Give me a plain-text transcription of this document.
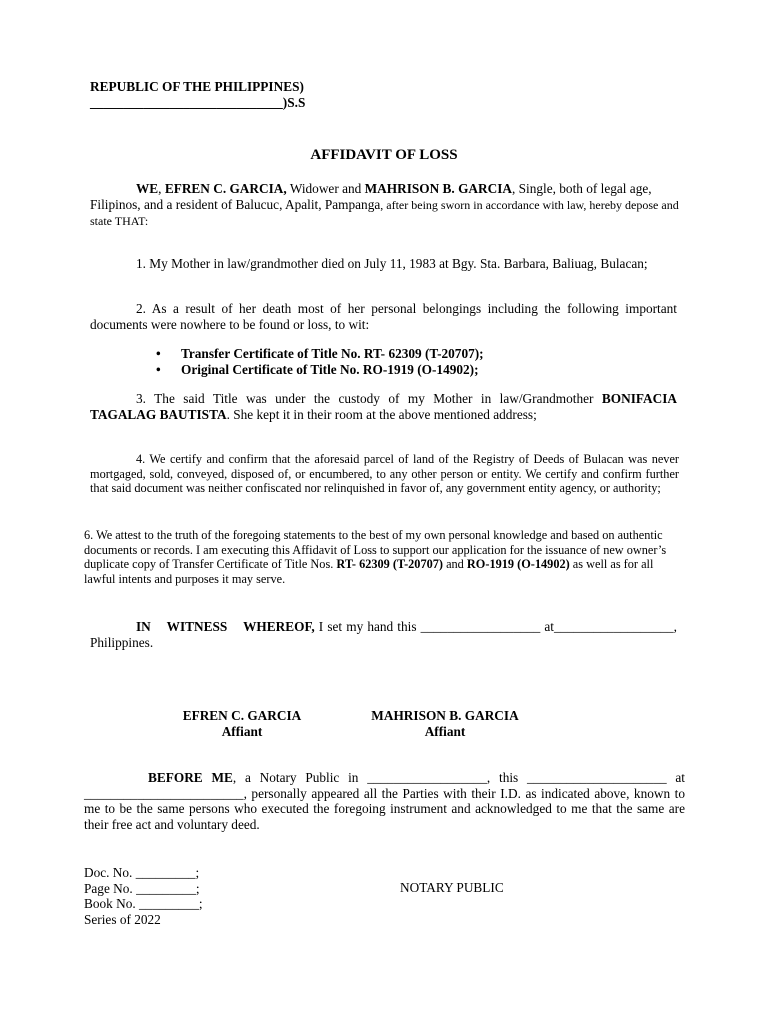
REPUBLIC OF THE PHILIPPINES)
_____________________________)S.S
AFFIDAVIT OF LOSS
WE, EFREN C. GARCIA, Widower and MAHRISON B. GARCIA, Single, both of legal age, Filipinos, and a resident of Balucuc, Apalit, Pampanga, after being sworn in accordance with law, hereby depose and state THAT:
1. My Mother in law/grandmother died on July 11, 1983 at Bgy. Sta. Barbara, Baliuag, Bulacan;
2. As a result of her death most of her personal belongings including the following important documents were nowhere to be found or loss, to wit:
• Transfer Certificate of Title No. RT- 62309 (T-20707);
• Original Certificate of Title No. RO-1919 (O-14902);
3. The said Title was under the custody of my Mother in law/Grandmother BONIFACIA TAGALAG BAUTISTA. She kept it in their room at the above mentioned address;
4. We certify and confirm that the aforesaid parcel of land of the Registry of Deeds of Bulacan was never mortgaged, sold, conveyed, disposed of, or encumbered, to any other person or entity. We certify and confirm further that said document was neither confiscated nor relinquished in favor of, any government entity agency, or authority;
6. We attest to the truth of the foregoing statements to the best of my own personal knowledge and based on authentic documents or records. I am executing this Affidavit of Loss to support our application for the issuance of new owner’s duplicate copy of Transfer Certificate of Title Nos. RT- 62309 (T-20707) and RO-1919 (O-14902) as well as for all lawful intents and purposes it may serve.
IN WITNESS WHEREOF, I set my hand this __________________ at__________________, Philippines.
EFREN C. GARCIA
Affiant
MAHRISON B. GARCIA
Affiant
BEFORE ME, a Notary Public in __________________, this _____________________ at ________________________, personally appeared all the Parties with their I.D. as indicated above, known to me to be the same persons who executed the foregoing instrument and acknowledged to me that the same are their free act and voluntary deed.
Doc. No. _________;
Page No. _________;
Book No. _________;
Series of 2022
NOTARY PUBLIC
